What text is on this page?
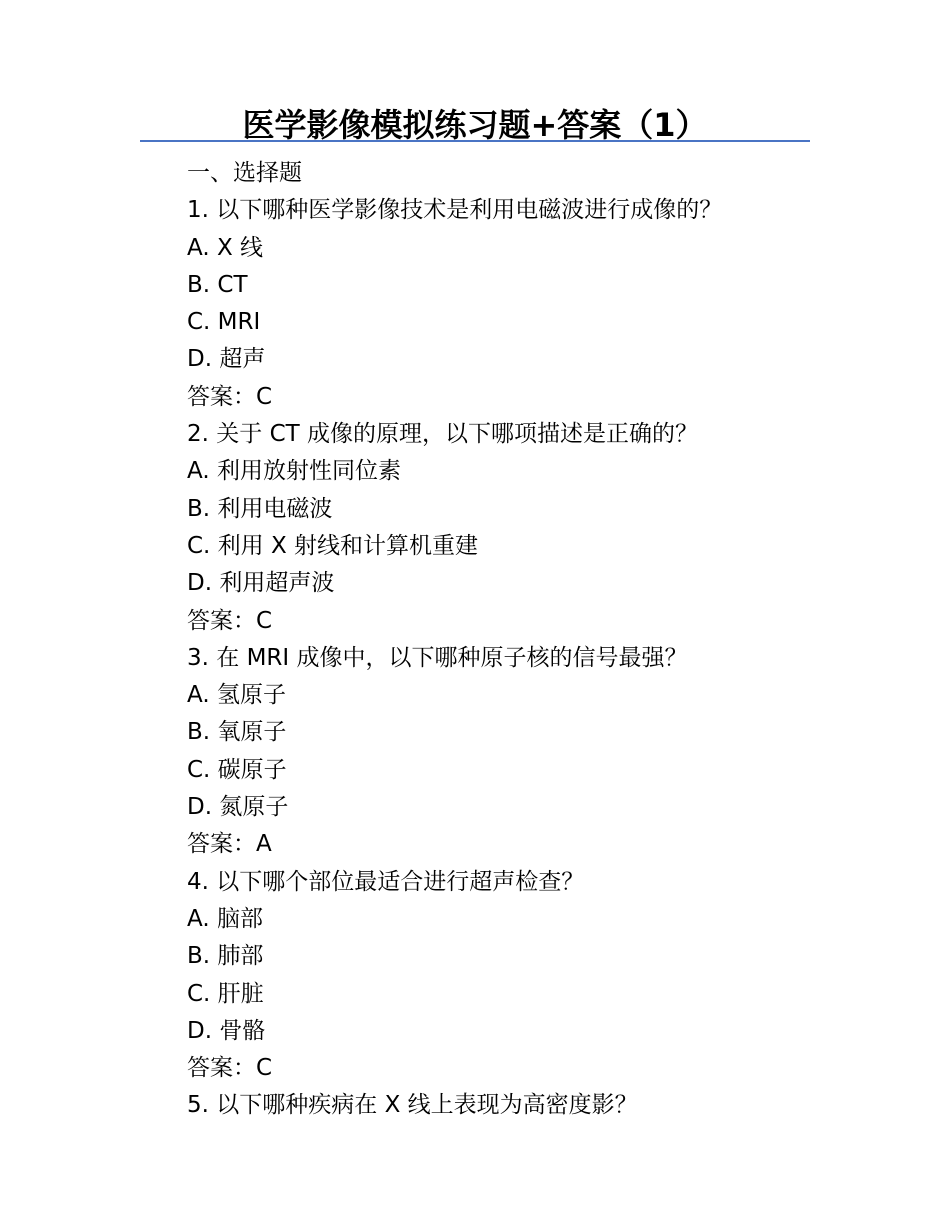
医学影像模拟练习题+答案（1）
一、选择题
1. 以下哪种医学影像技术是利用电磁波进行成像的？
A. X 线
B. CT
C. MRI
D. 超声
答案：C
2. 关于 CT 成像的原理，以下哪项描述是正确的？
A. 利用放射性同位素
B. 利用电磁波
C. 利用 X 射线和计算机重建
D. 利用超声波
答案：C
3. 在 MRI 成像中，以下哪种原子核的信号最强？
A. 氢原子
B. 氧原子
C. 碳原子
D. 氮原子
答案：A
4. 以下哪个部位最适合进行超声检查？
A. 脑部
B. 肺部
C. 肝脏
D. 骨骼
答案：C
5. 以下哪种疾病在 X 线上表现为高密度影？
